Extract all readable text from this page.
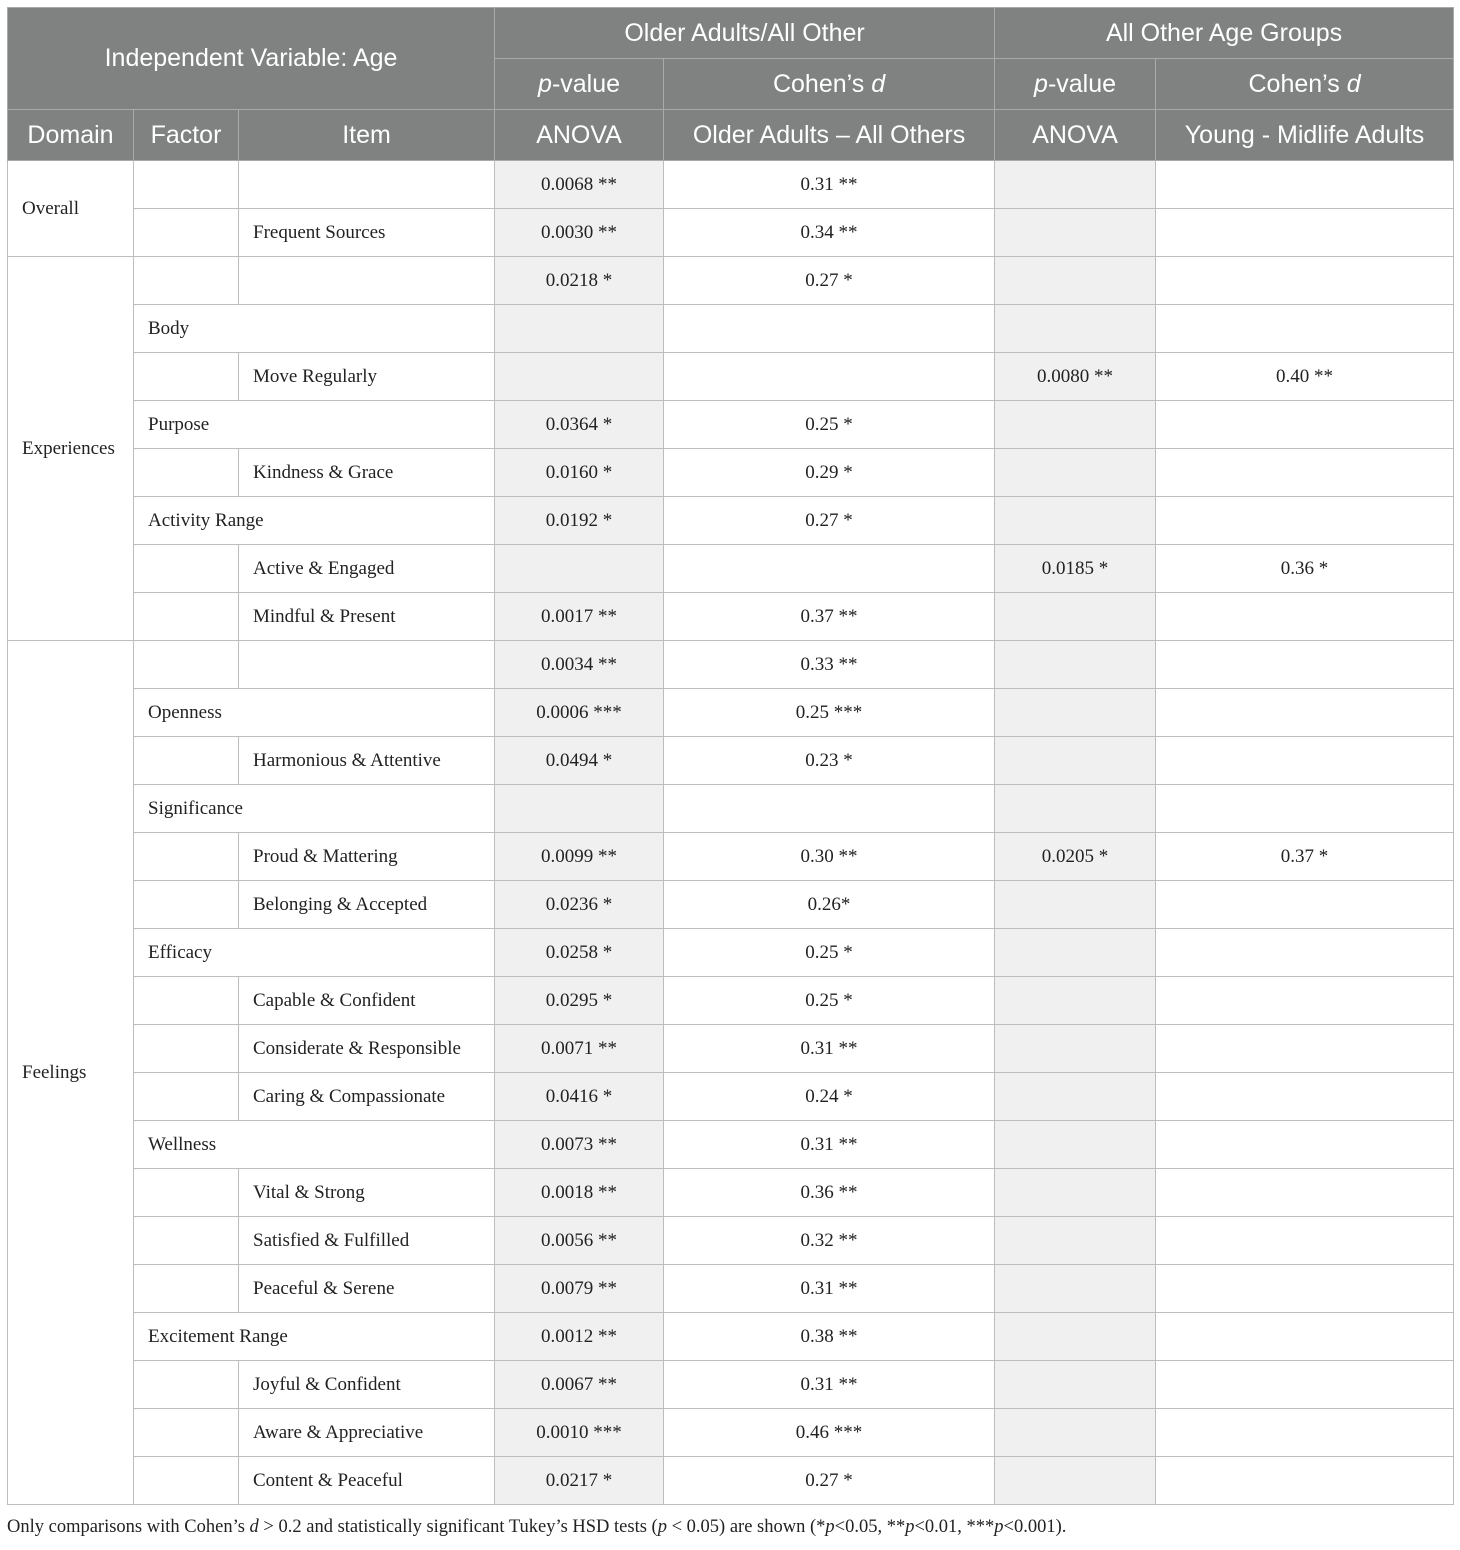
Independent Variable: Age			Older Adults/All Other		All Other Age Groups	
			p-value	Cohen’s d	p-value	Cohen’s d
Domain	Factor	Item	ANOVA	Older Adults – All Others	ANOVA	Young - Midlife Adults
Overall			0.0068 **	0.31 **		
		Frequent Sources	0.0030 **	0.34 **		
Experiences			0.0218 *	0.27 *		
	Body					
		Move Regularly			0.0080 **	0.40 **
	Purpose		0.0364 *	0.25 *		
		Kindness & Grace	0.0160 *	0.29 *		
	Activity Range		0.0192 *	0.27 *		
		Active & Engaged			0.0185 *	0.36 *
		Mindful & Present	0.0017 **	0.37 **		
Feelings			0.0034 **	0.33 **		
	Openness		0.0006 ***	0.25 ***		
		Harmonious & Attentive	0.0494 *	0.23 *		
	Significance					
		Proud & Mattering	0.0099 **	0.30 **	0.0205 *	0.37 *
		Belonging & Accepted	0.0236 *	0.26*		
	Efficacy		0.0258 *	0.25 *		
		Capable & Confident	0.0295 *	0.25 *		
		Considerate & Responsible	0.0071 **	0.31 **		
		Caring & Compassionate	0.0416 *	0.24 *		
	Wellness		0.0073 **	0.31 **		
		Vital & Strong	0.0018 **	0.36 **		
		Satisfied & Fulfilled	0.0056 **	0.32 **		
		Peaceful & Serene	0.0079 **	0.31 **		
	Excitement Range		0.0012 **	0.38 **		
		Joyful & Confident	0.0067 **	0.31 **		
		Aware & Appreciative	0.0010 ***	0.46 ***		
		Content & Peaceful	0.0217 *	0.27 *		
Only comparisons with Cohen’s d > 0.2 and statistically significant Tukey’s HSD tests (p < 0.05) are shown (*p<0.05, **p<0.01, ***p<0.001).
